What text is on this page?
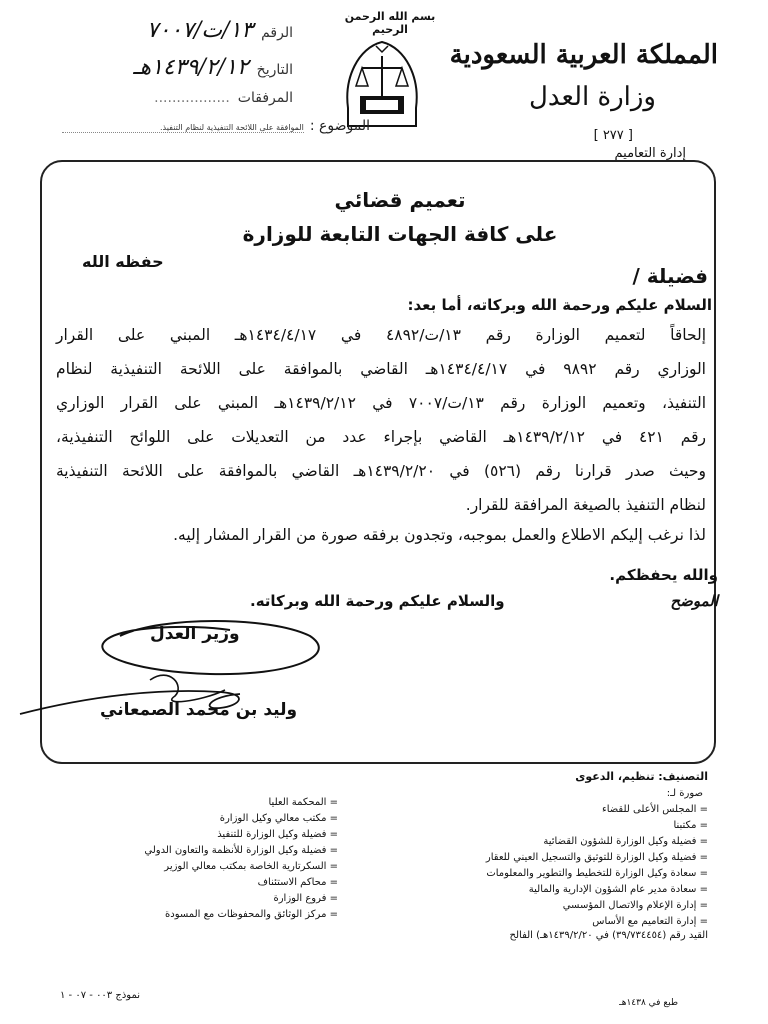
بسم الله الرحمن الرحيم
المملكة العربية السعودية
وزارة العدل
[ ٢٧٧ ]
إدارة التعاميم
الرقم
١٣/ت/٧٠٠٧
التاريخ
١٤٣٩/٢/١٢هـ
المرفقات
.................
الموضوع :
الموافقة على اللائحة التنفيذية لنظام التنفيذ.
تعميم قضائي
على كافة الجهات التابعة للوزارة
حفظه الله
فضيلة /
السلام عليكم ورحمة الله وبركاته، أما بعد:
إلحاقاً لتعميم الوزارة رقم ١٣/ت/٤٨٩٢ في ١٤٣٤/٤/١٧هـ المبني على القرار
الوزاري رقم ٩٨٩٢ في ١٤٣٤/٤/١٧هـ القاضي بالموافقة على اللائحة التنفيذية لنظام
التنفيذ، وتعميم الوزارة رقم ١٣/ت/٧٠٠٧ في ١٤٣٩/٢/١٢هـ المبني على القرار الوزاري
رقم ٤٢١ في ١٤٣٩/٢/١٢هـ القاضي بإجراء عدد من التعديلات على اللوائح التنفيذية،
وحيث صدر قرارنا رقم (٥٢٦) في ١٤٣٩/٢/٢٠هـ القاضي بالموافقة على اللائحة التنفيذية
لنظام التنفيذ بالصيغة المرافقة للقرار.
لذا نرغب إليكم الاطلاع والعمل بموجبه، وتجدون برفقه صورة من القرار المشار إليه.
والله يحفظكم.
والسلام عليكم ورحمة الله وبركاته.	الموضح
وزير العدل
وليد بن محمد الصمعاني
التصنيف: تنظيم، الدعوى
صورة لـ:
= المجلس الأعلى للقضاء
= مكتبنا
= فضيلة وكيل الوزارة للشؤون القضائية
= فضيلة وكيل الوزارة للتوثيق والتسجيل العيني للعقار
= سعادة وكيل الوزارة للتخطيط والتطوير والمعلومات
= سعادة مدير عام الشؤون الإدارية والمالية
= إدارة الإعلام والاتصال المؤسسي
= إدارة التعاميم مع الأساس
= المحكمة العليا
= مكتب معالي وكيل الوزارة
= فضيلة وكيل الوزارة للتنفيذ
= فضيلة وكيل الوزارة للأنظمة والتعاون الدولي
= السكرتارية الخاصة بمكتب معالي الوزير
= محاكم الاستئناف
= فروع الوزارة
= مركز الوثائق والمحفوظات مع المسودة
القيد رقم (٣٩/٧٣٤٤٥٤) في ١٤٣٩/٢/٢٠هـ) الفالح
نموذج ٠٠٣ - ٠٧ - ١
طبع في ١٤٣٨هـ
